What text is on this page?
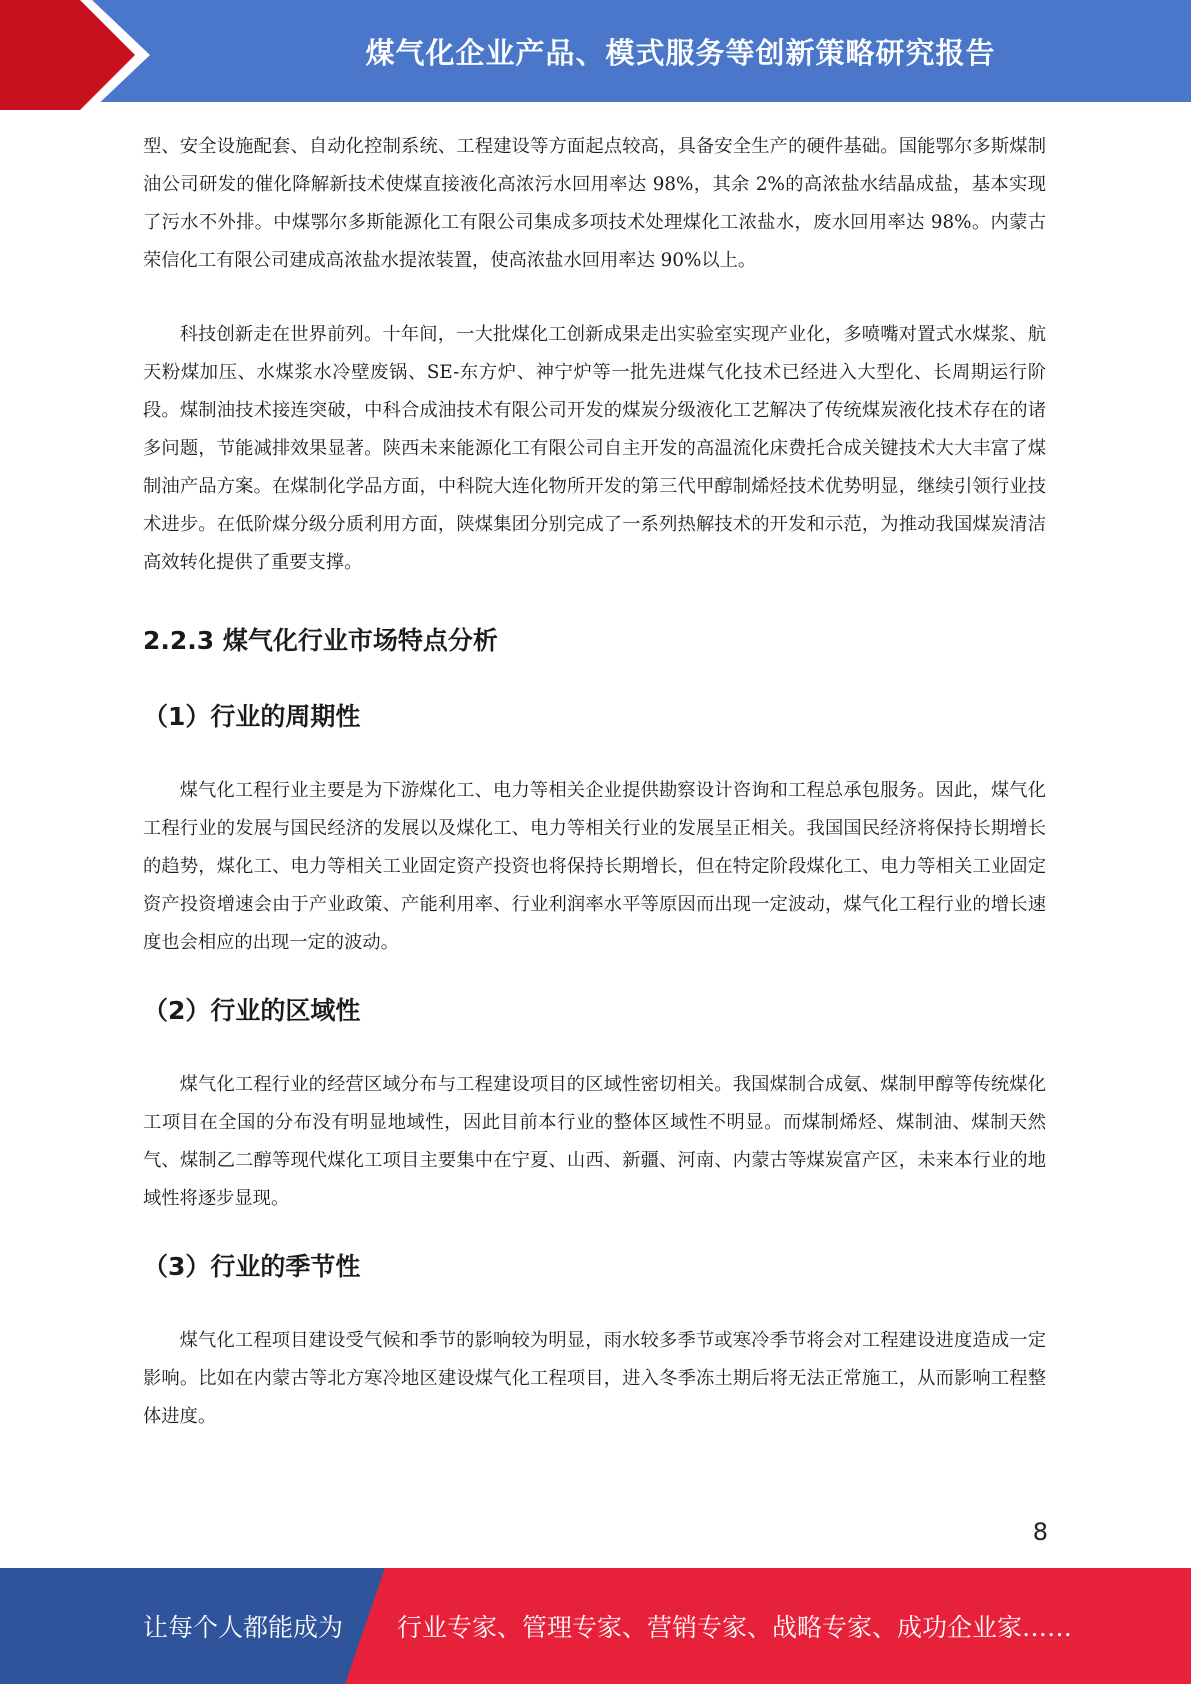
煤气化企业产品、模式服务等创新策略研究报告

型、安全设施配套、自动化控制系统、工程建设等方面起点较高，具备安全生产的硬件基础。国能鄂尔多斯煤制油公司研发的催化降解新技术使煤直接液化高浓污水回用率达 98%，其余 2%的高浓盐水结晶成盐，基本实现了污水不外排。中煤鄂尔多斯能源化工有限公司集成多项技术处理煤化工浓盐水，废水回用率达 98%。内蒙古荣信化工有限公司建成高浓盐水提浓装置，使高浓盐水回用率达 90%以上。

科技创新走在世界前列。十年间，一大批煤化工创新成果走出实验室实现产业化，多喷嘴对置式水煤浆、航天粉煤加压、水煤浆水冷壁废锅、SE-东方炉、神宁炉等一批先进煤气化技术已经进入大型化、长周期运行阶段。煤制油技术接连突破，中科合成油技术有限公司开发的煤炭分级液化工艺解决了传统煤炭液化技术存在的诸多问题，节能减排效果显著。陕西未来能源化工有限公司自主开发的高温流化床费托合成关键技术大大丰富了煤制油产品方案。在煤制化学品方面，中科院大连化物所开发的第三代甲醇制烯烃技术优势明显，继续引领行业技术进步。在低阶煤分级分质利用方面，陕煤集团分别完成了一系列热解技术的开发和示范，为推动我国煤炭清洁高效转化提供了重要支撑。

2.2.3 煤气化行业市场特点分析
（1）行业的周期性

煤气化工程行业主要是为下游煤化工、电力等相关企业提供勘察设计咨询和工程总承包服务。因此，煤气化工程行业的发展与国民经济的发展以及煤化工、电力等相关行业的发展呈正相关。我国国民经济将保持长期增长的趋势，煤化工、电力等相关工业固定资产投资也将保持长期增长，但在特定阶段煤化工、电力等相关工业固定资产投资增速会由于产业政策、产能利用率、行业利润率水平等原因而出现一定波动，煤气化工程行业的增长速度也会相应的出现一定的波动。

（2）行业的区域性

煤气化工程行业的经营区域分布与工程建设项目的区域性密切相关。我国煤制合成氨、煤制甲醇等传统煤化工项目在全国的分布没有明显地域性，因此目前本行业的整体区域性不明显。而煤制烯烃、煤制油、煤制天然气、煤制乙二醇等现代煤化工项目主要集中在宁夏、山西、新疆、河南、内蒙古等煤炭富产区，未来本行业的地域性将逐步显现。

（3）行业的季节性

煤气化工程项目建设受气候和季节的影响较为明显，雨水较多季节或寒冷季节将会对工程建设进度造成一定影响。比如在内蒙古等北方寒冷地区建设煤气化工程项目，进入冬季冻土期后将无法正常施工，从而影响工程整体进度。

8
让每个人都能成为 行业专家、管理专家、营销专家、战略专家、成功企业家……
